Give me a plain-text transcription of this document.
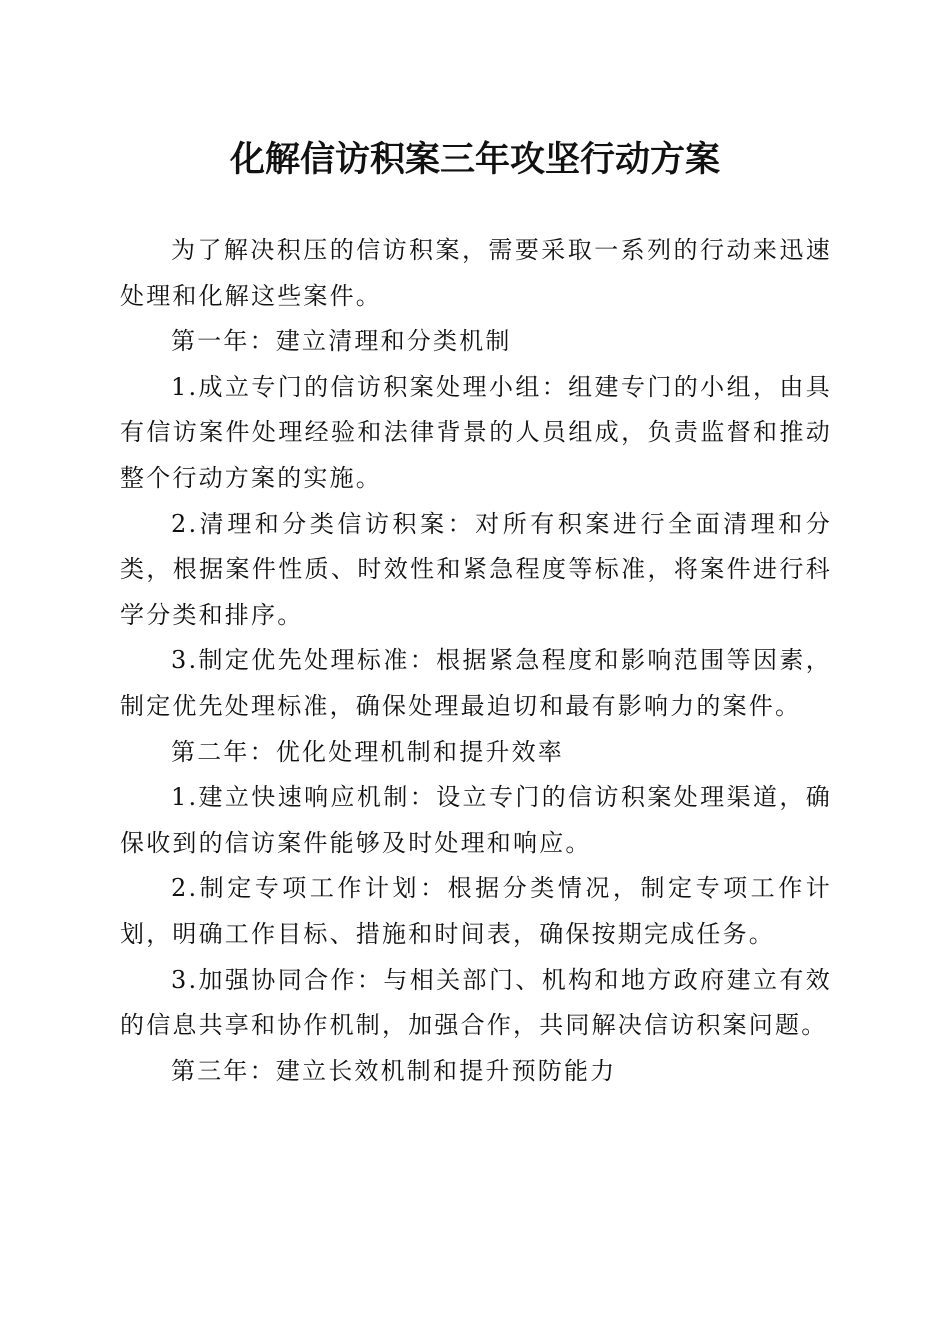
化解信访积案三年攻坚行动方案

为了解决积压的信访积案，需要采取一系列的行动来迅速处理和化解这些案件。

第一年：建立清理和分类机制

1.成立专门的信访积案处理小组：组建专门的小组，由具有信访案件处理经验和法律背景的人员组成，负责监督和推动整个行动方案的实施。

2.清理和分类信访积案：对所有积案进行全面清理和分类，根据案件性质、时效性和紧急程度等标准，将案件进行科学分类和排序。

3.制定优先处理标准：根据紧急程度和影响范围等因素，制定优先处理标准，确保处理最迫切和最有影响力的案件。

第二年：优化处理机制和提升效率

1.建立快速响应机制：设立专门的信访积案处理渠道，确保收到的信访案件能够及时处理和响应。

2.制定专项工作计划：根据分类情况，制定专项工作计划，明确工作目标、措施和时间表，确保按期完成任务。

3.加强协同合作：与相关部门、机构和地方政府建立有效的信息共享和协作机制，加强合作，共同解决信访积案问题。

第三年：建立长效机制和提升预防能力
